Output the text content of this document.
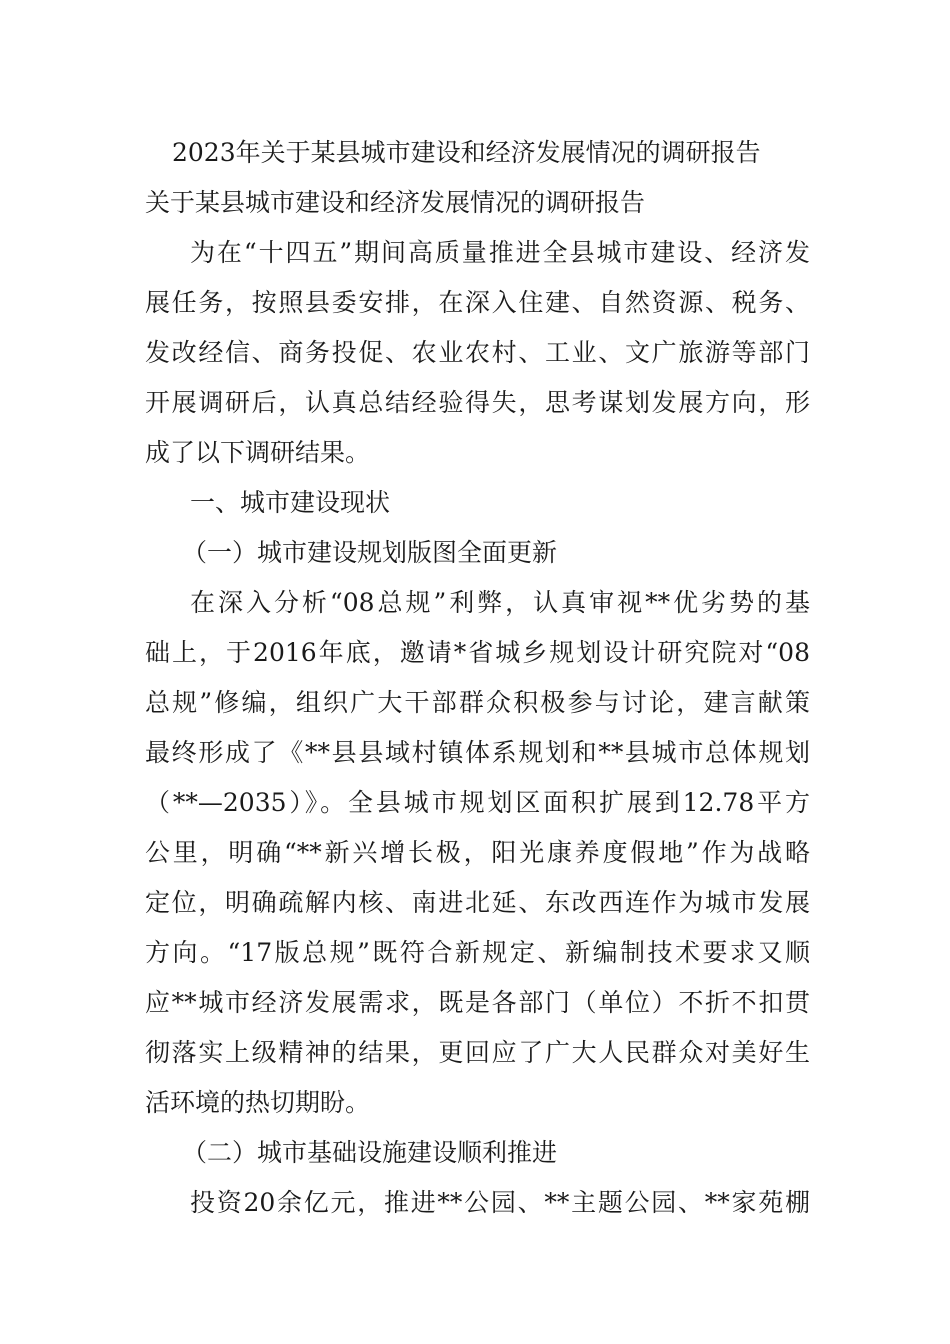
2023年关于某县城市建设和经济发展情况的调研报告
关于某县城市建设和经济发展情况的调研报告
为在“十四五”期间高质量推进全县城市建设、经济发
展任务，按照县委安排，在深入住建、自然资源、税务、
发改经信、商务投促、农业农村、工业、文广旅游等部门
开展调研后，认真总结经验得失，思考谋划发展方向，形
成了以下调研结果。
一、城市建设现状
（一）城市建设规划版图全面更新
在深入分析“08总规”利弊，认真审视**优劣势的基
础上，于2016年底，邀请*省城乡规划设计研究院对“08
总规”修编，组织广大干部群众积极参与讨论，建言献策
最终形成了《**县县域村镇体系规划和**县城市总体规划
（**—2035）》。全县城市规划区面积扩展到12.78平方
公里，明确“**新兴增长极，阳光康养度假地”作为战略
定位，明确疏解内核、南进北延、东改西连作为城市发展
方向。“17版总规”既符合新规定、新编制技术要求又顺
应**城市经济发展需求，既是各部门（单位）不折不扣贯
彻落实上级精神的结果，更回应了广大人民群众对美好生
活环境的热切期盼。
（二）城市基础设施建设顺利推进
投资20余亿元，推进**公园、**主题公园、**家苑棚
